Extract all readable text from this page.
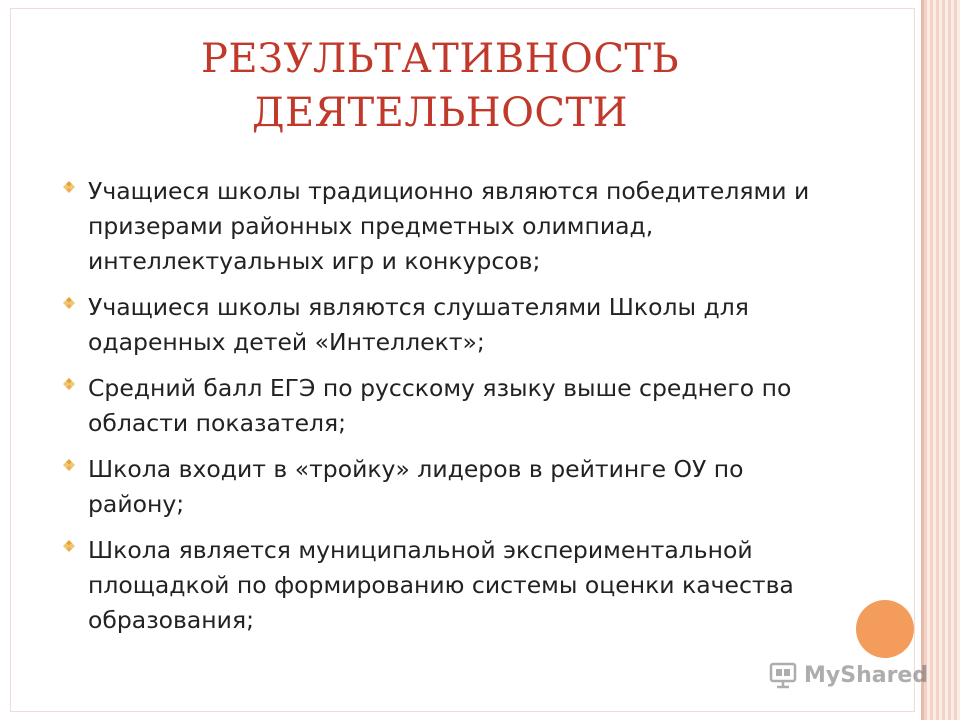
РЕЗУЛЬТАТИВНОСТЬ
ДЕЯТЕЛЬНОСТИ
Учащиеся школы традиционно являются победителями и призерами районных предметных олимпиад, интеллектуальных игр и конкурсов;
Учащиеся школы являются слушателями Школы для одаренных детей «Интеллект»;
Средний балл ЕГЭ по русскому языку выше среднего по области показателя;
Школа входит в «тройку» лидеров в рейтинге ОУ по району;
Школа является муниципальной экспериментальной площадкой по формированию системы оценки качества образования;
MyShared
